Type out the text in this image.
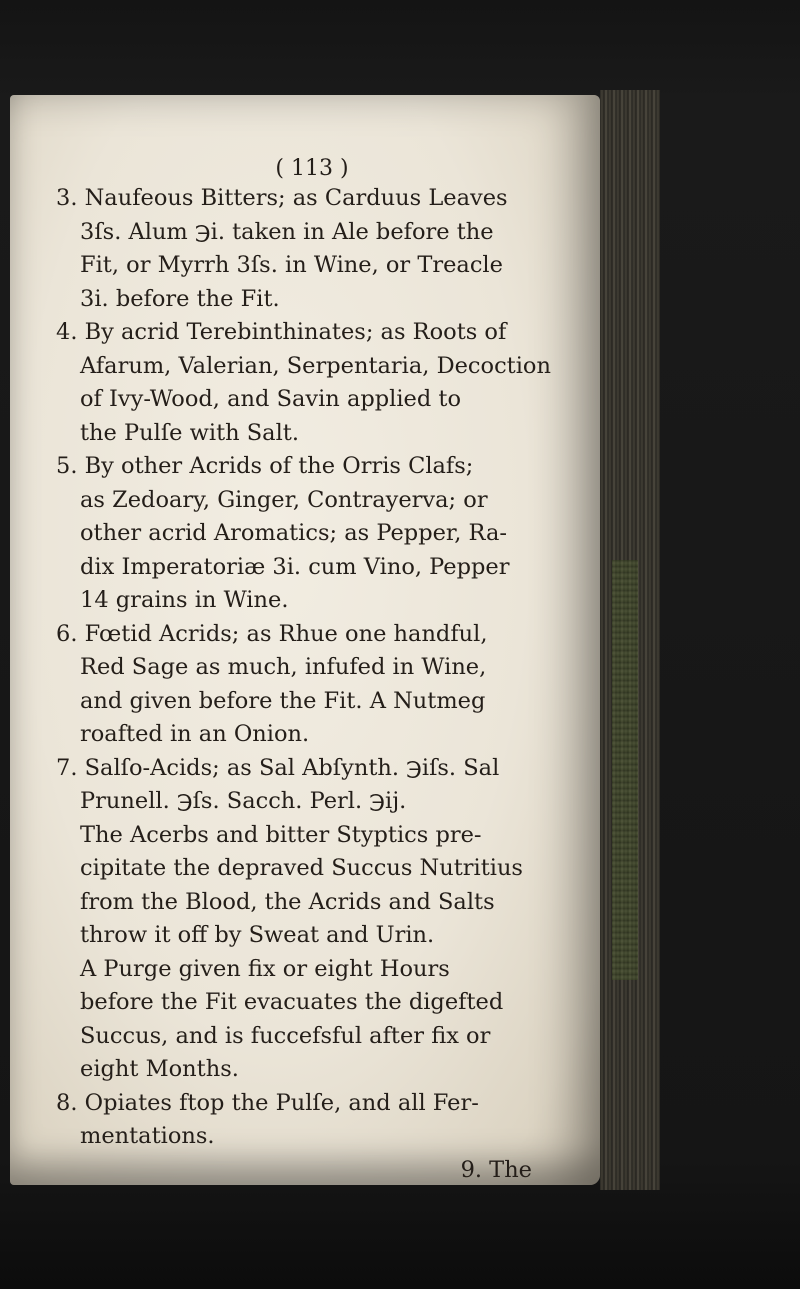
( 113 )
3. Naufeous Bitters; as Carduus Leaves
3ſs. Alum ℈i. taken in Ale before the
Fit, or Myrrh 3ſs. in Wine, or Treacle
3i. before the Fit.
4. By acrid Terebinthinates; as Roots of
Afarum, Valerian, Serpentaria, Decoction
of Ivy-Wood, and Savin applied to
the Pulſe with Salt.
5. By other Acrids of the Orris Clafs;
as Zedoary, Ginger, Contrayerva; or
other acrid Aromatics; as Pepper, Ra-
dix Imperatoriæ 3i. cum Vino, Pepper
14 grains in Wine.
6. Fœtid Acrids; as Rhue one handful,
Red Sage as much, infufed in Wine,
and given before the Fit. A Nutmeg
roafted in an Onion.
7. Salſo-Acids; as Sal Abſynth. ℈iſs. Sal
Prunell. ℈ſs. Sacch. Perl. ℈ij.
The Acerbs and bitter Styptics pre-
cipitate the depraved Succus Nutritius
from the Blood, the Acrids and Salts
throw it off by Sweat and Urin.
A Purge given fix or eight Hours
before the Fit evacuates the digefted
Succus, and is fuccefsful after fix or
eight Months.
8. Opiates ftop the Pulſe, and all Fer-
mentations.
9. The
